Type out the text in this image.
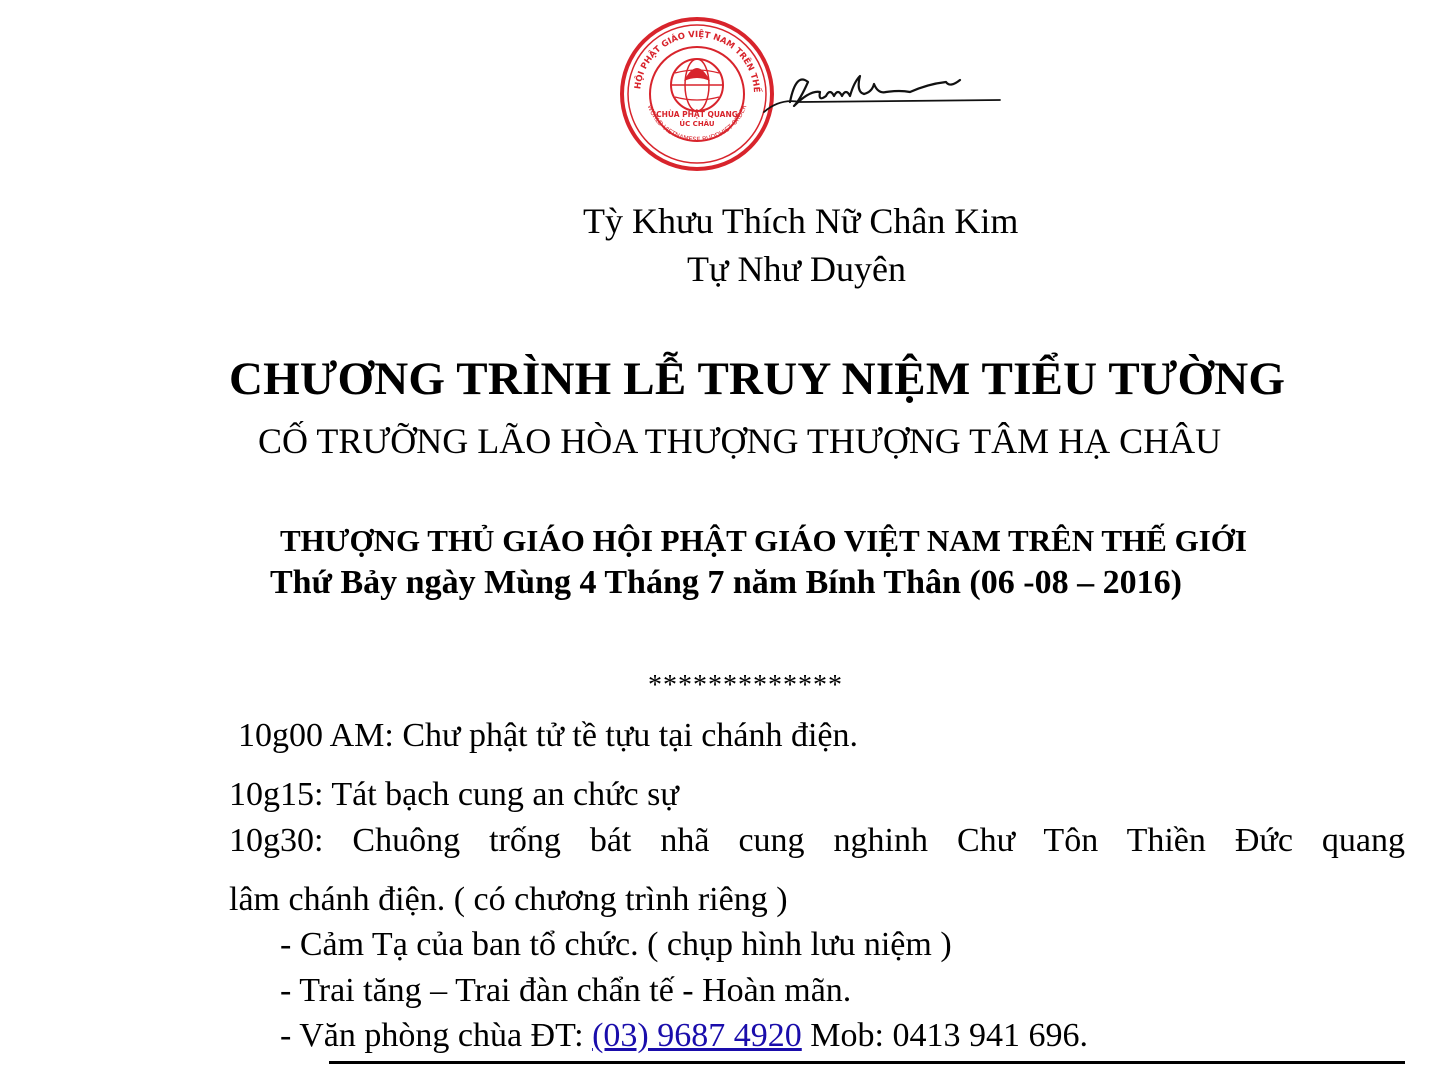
HỘI PHẬT GIÁO VIỆT NAM TRÊN THẾ
WORLD VIETNAMESE BUDDHIST ORDER
CHÙA PHẬT QUANG
ÚC CHÂU
Tỳ Khưu Thích Nữ Chân Kim
Tự Như Duyên
CHƯƠNG TRÌNH LỄ TRUY NIỆM TIỂU TƯỜNG
CỐ TRƯỠNG LÃO HÒA THƯỢNG THƯỢNG TÂM HẠ CHÂU
THƯỢNG THỦ GIÁO HỘI PHẬT GIÁO VIỆT NAM TRÊN THẾ GIỚI
Thứ Bảy ngày Mùng 4 Tháng 7 năm Bính Thân (06 -08 – 2016)
*************
10g00 AM: Chư phật tử tề tựu tại chánh điện.
10g15: Tát bạch cung an chức sự
10g30: Chuông trống bát nhã cung nghinh Chư Tôn Thiền Đức quang
lâm chánh điện. ( có chương trình riêng )
- Cảm Tạ của ban tổ chức. ( chụp hình lưu niệm )
- Trai tăng – Trai đàn chẩn tế - Hoàn mãn.
- Văn phòng chùa ĐT: (03) 9687 4920 Mob: 0413 941 696.
